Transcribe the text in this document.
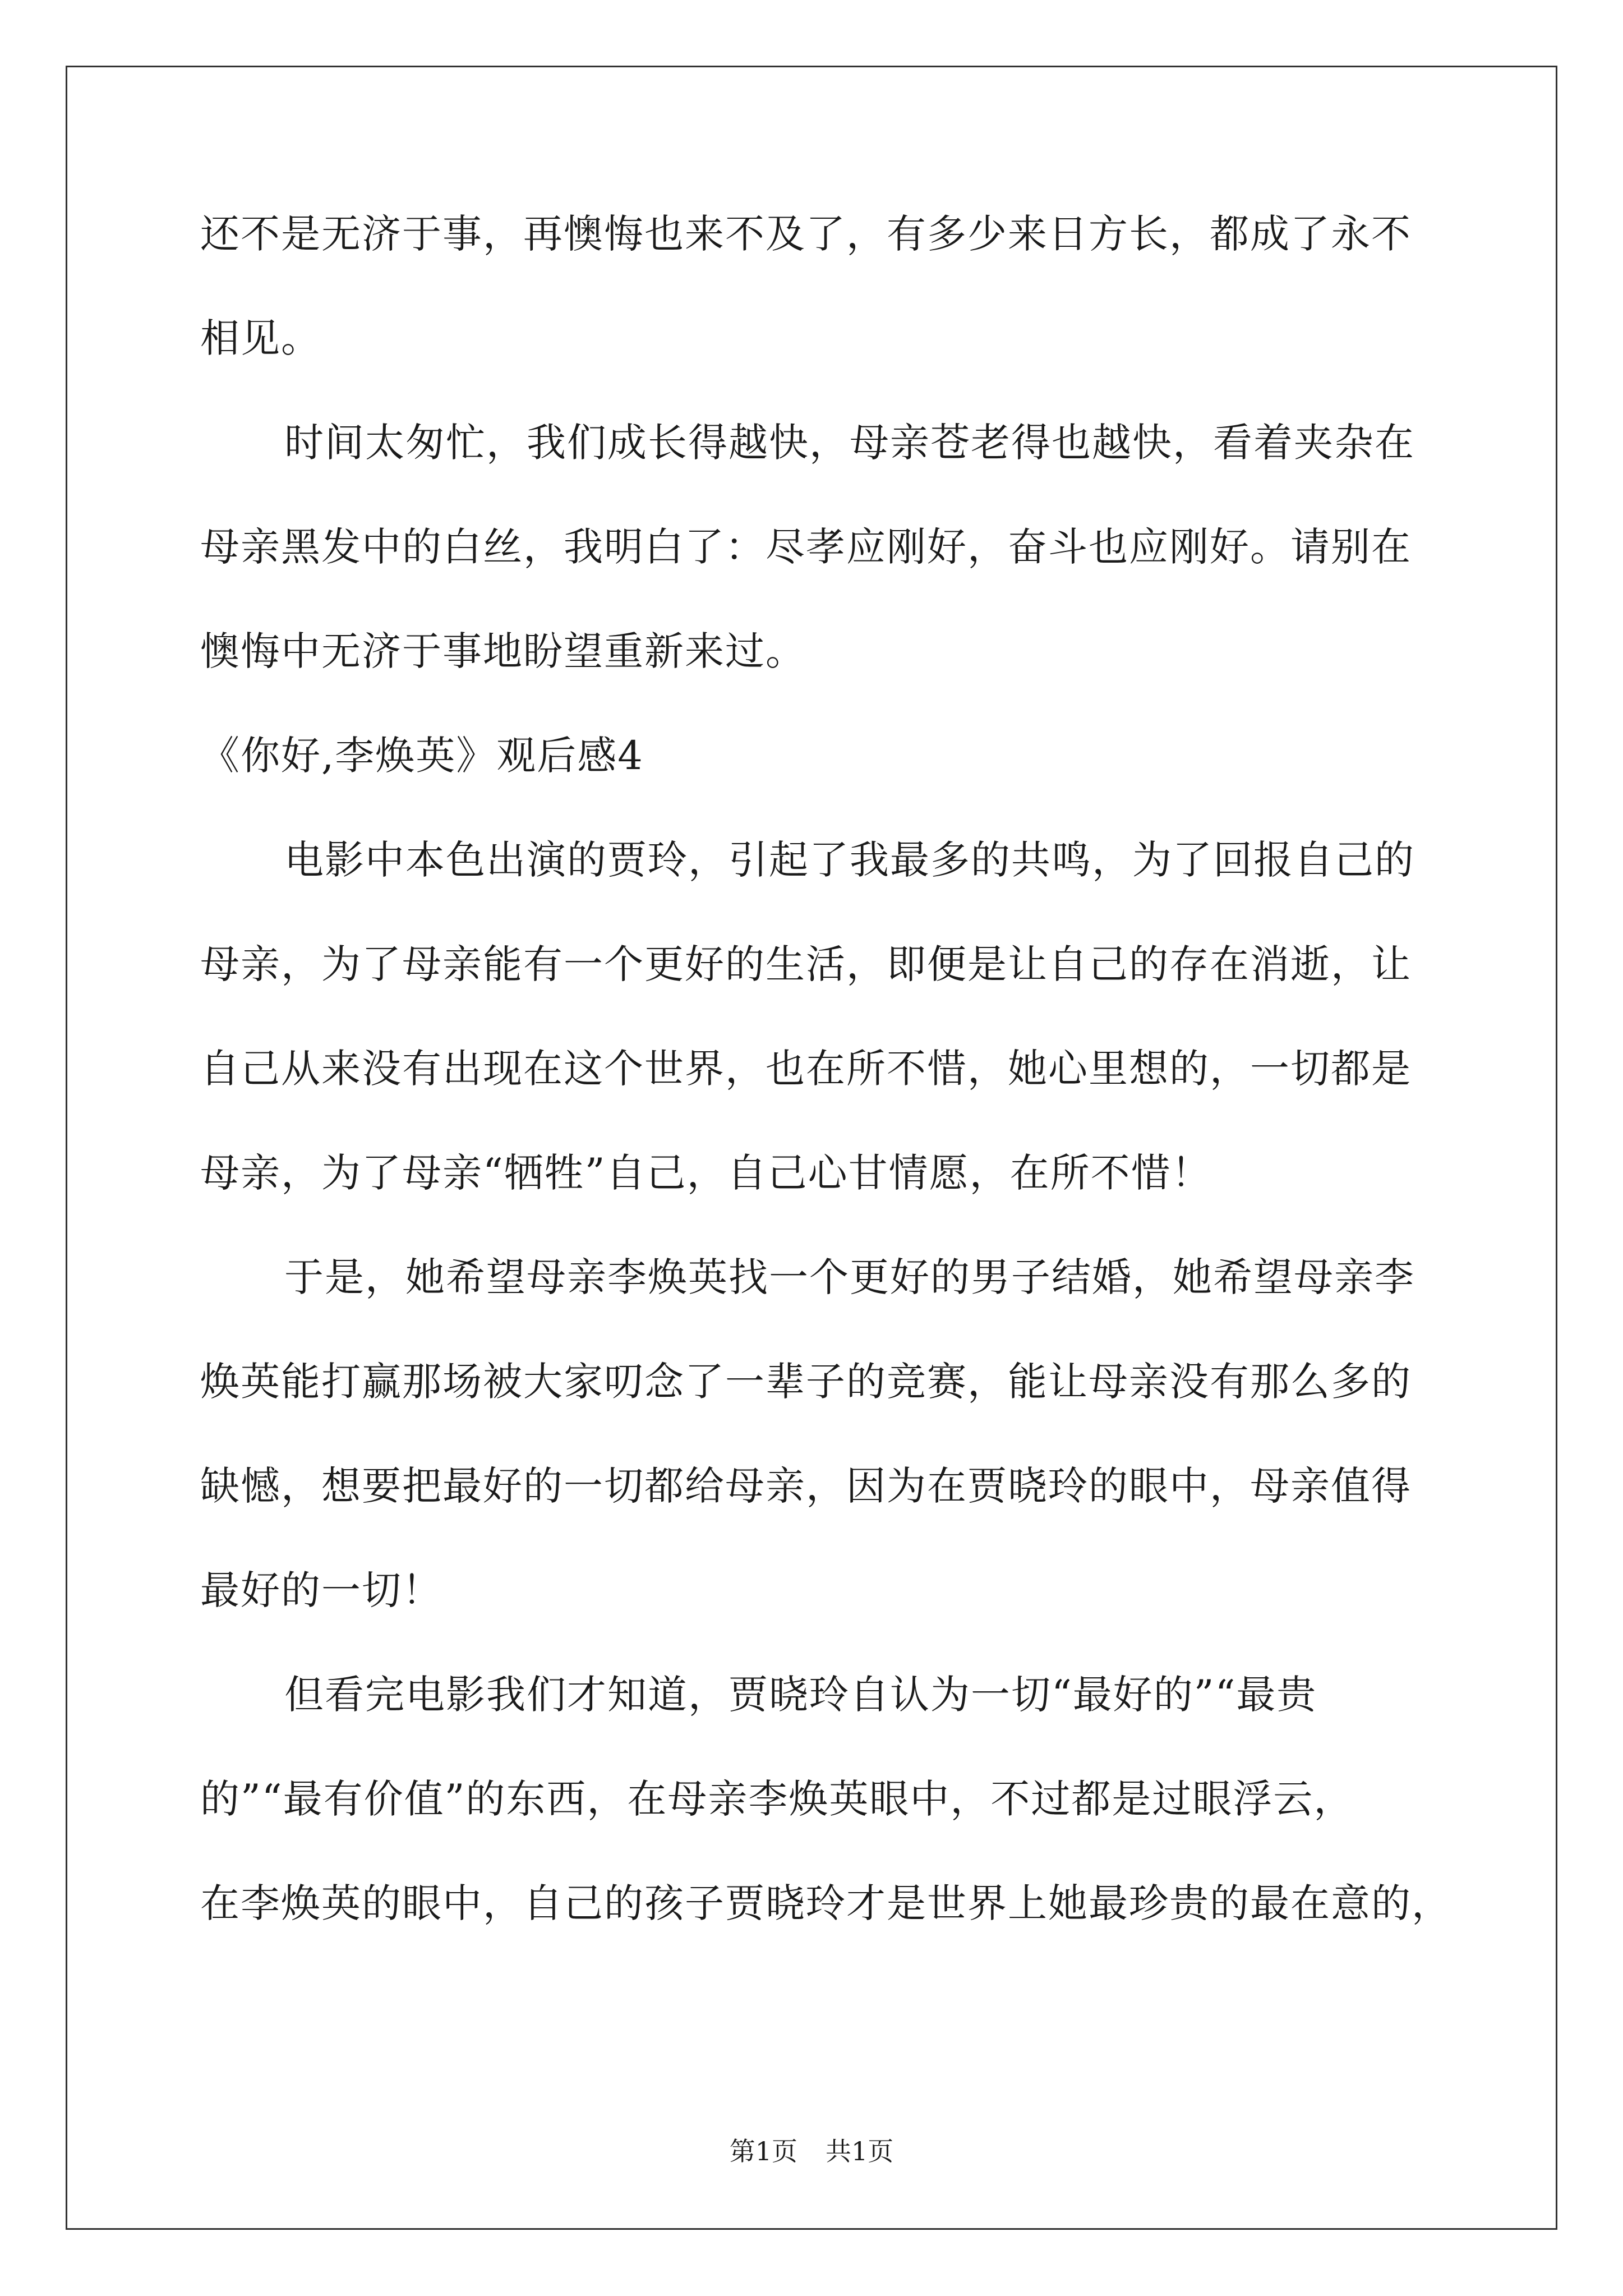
还不是无济于事，再懊悔也来不及了，有多少来日方长，都成了永不
相见。
时间太匆忙，我们成长得越快，母亲苍老得也越快，看着夹杂在
母亲黑发中的白丝，我明白了：尽孝应刚好，奋斗也应刚好。请别在
懊悔中无济于事地盼望重新来过。
《你好,李焕英》观后感4
电影中本色出演的贾玲，引起了我最多的共鸣，为了回报自己的
母亲，为了母亲能有一个更好的生活，即便是让自己的存在消逝，让
自己从来没有出现在这个世界，也在所不惜，她心里想的，一切都是
母亲，为了母亲“牺牲”自己，自己心甘情愿，在所不惜！
于是，她希望母亲李焕英找一个更好的男子结婚，她希望母亲李
焕英能打赢那场被大家叨念了一辈子的竞赛，能让母亲没有那么多的
缺憾，想要把最好的一切都给母亲，因为在贾晓玲的眼中，母亲值得
最好的一切！
但看完电影我们才知道，贾晓玲自认为一切“最好的”“最贵
的”“最有价值”的东西，在母亲李焕英眼中，不过都是过眼浮云，
在李焕英的眼中，自己的孩子贾晓玲才是世界上她最珍贵的最在意的，
第1页 共1页
